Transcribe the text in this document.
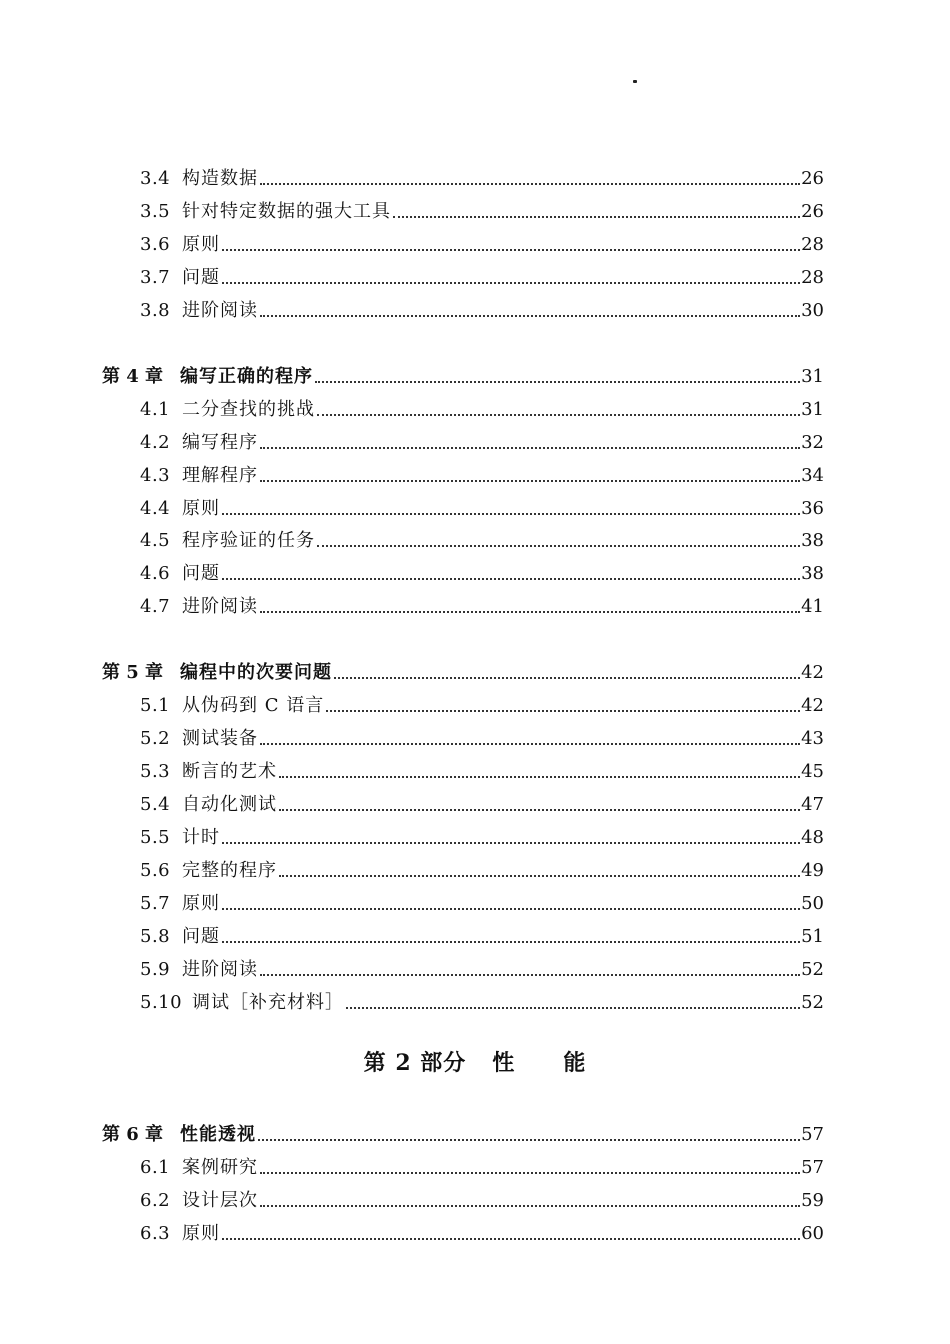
3.4 构造数据	26
3.5 针对特定数据的强大工具	26
3.6 原则	28
3.7 问题	28
3.8 进阶阅读	30
第 4 章 编写正确的程序	31
4.1 二分查找的挑战	31
4.2 编写程序	32
4.3 理解程序	34
4.4 原则	36
4.5 程序验证的任务	38
4.6 问题	38
4.7 进阶阅读	41
第 5 章 编程中的次要问题	42
5.1 从伪码到 C 语言	42
5.2 测试装备	43
5.3 断言的艺术	45
5.4 自动化测试	47
5.5 计时	48
5.6 完整的程序	49
5.7 原则	50
5.8 问题	51
5.9 进阶阅读	52
5.10 调试［补充材料］	52
第 6 章 性能透视	57
6.1 案例研究	57
6.2 设计层次	59
6.3 原则	60
第 2 部分 性 能
